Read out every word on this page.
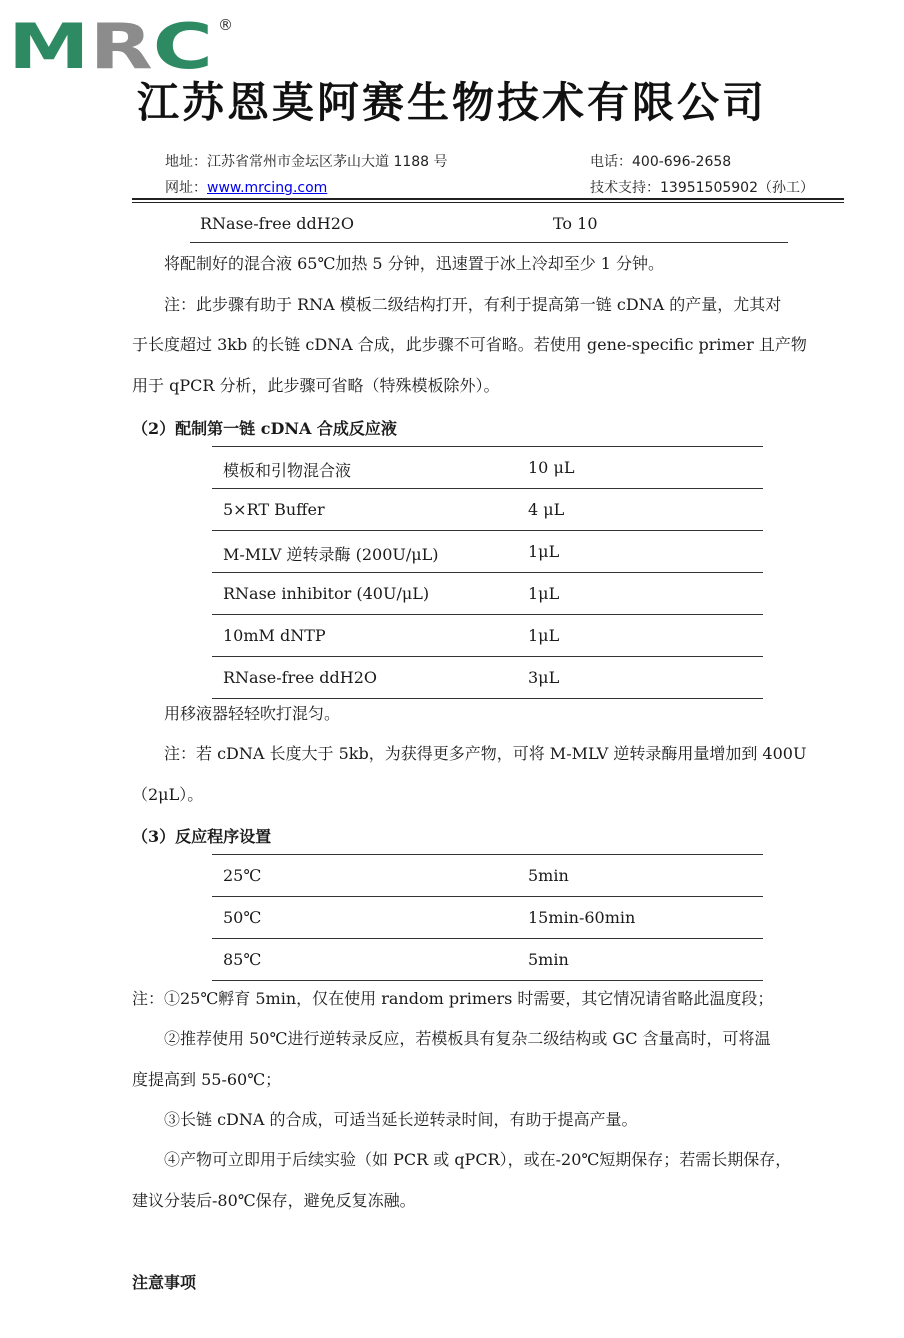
M R C	®
江苏恩莫阿赛生物技术有限公司
地址：江苏省常州市金坛区茅山大道 1188 号
网址：www.mrcing.com
电话：400-696-2658
技术支持：13951505902（孙工）
RNase-free ddH2O	To 10
将配制好的混合液 65℃加热 5 分钟，迅速置于冰上冷却至少 1 分钟。
注：此步骤有助于 RNA 模板二级结构打开，有利于提高第一链 cDNA 的产量，尤其对
于长度超过 3kb 的长链 cDNA 合成，此步骤不可省略。若使用 gene-specific primer 且产物
用于 qPCR 分析，此步骤可省略（特殊模板除外）。
（2）配制第一链 cDNA 合成反应液
模板和引物混合液	10 μL
5×RT Buffer	4 μL
M-MLV 逆转录酶 (200U/μL)	1μL
RNase inhibitor (40U/μL)	1μL
10mM dNTP	1μL
RNase-free ddH2O	3μL
用移液器轻轻吹打混匀。
注：若 cDNA 长度大于 5kb，为获得更多产物，可将 M-MLV 逆转录酶用量增加到 400U
（2μL）。
（3）反应程序设置
25℃	5min
50℃	15min-60min
85℃	5min
注：①25℃孵育 5min，仅在使用 random primers 时需要，其它情况请省略此温度段；
②推荐使用 50℃进行逆转录反应，若模板具有复杂二级结构或 GC 含量高时，可将温
度提高到 55-60℃；
③长链 cDNA 的合成，可适当延长逆转录时间，有助于提高产量。
④产物可立即用于后续实验（如 PCR 或 qPCR），或在-20℃短期保存；若需长期保存，
建议分装后-80℃保存，避免反复冻融。
注意事项
